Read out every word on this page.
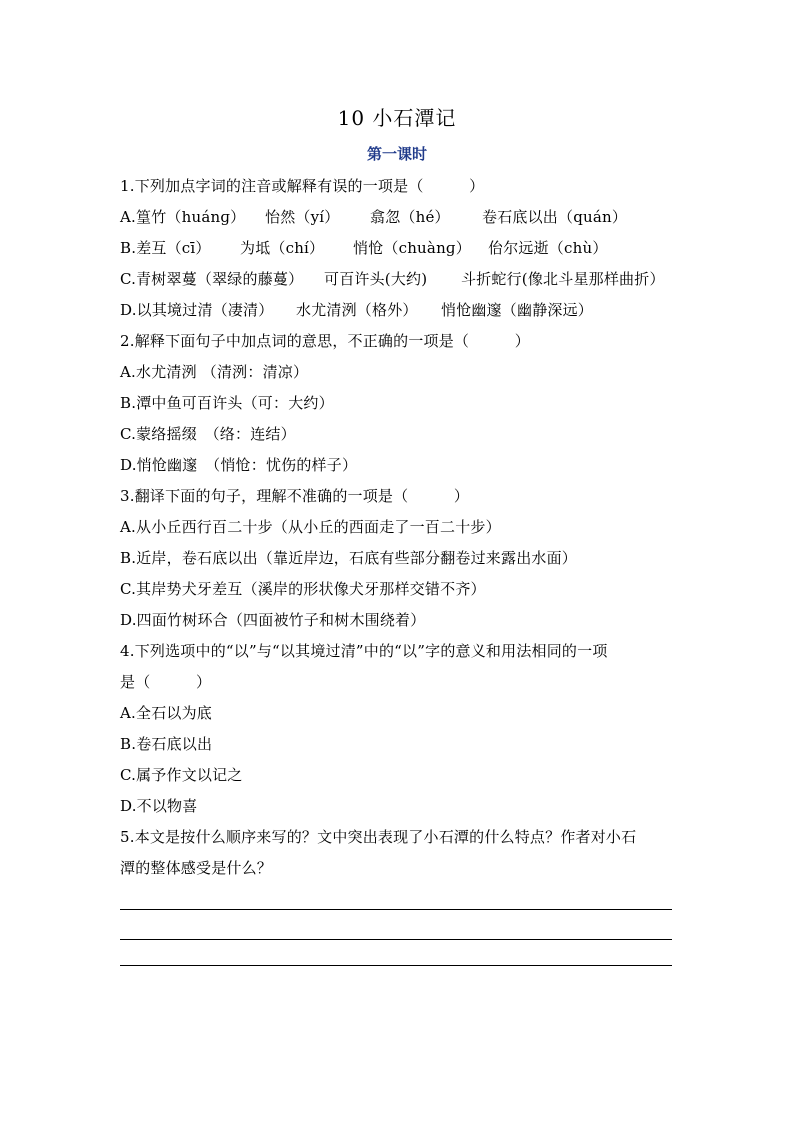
10 小石潭记
第一课时
1.下列加点字词的注音或解释有误的一项是（　　　）
A.篁竹（huánɡ）	怡然（yí）	翕忽（hé）	卷石底以出（quán）
B.差互（cī）	为坻（chí）	悄怆（chuànɡ）	佁尔远逝（chù）
C.青树翠蔓（翠绿的藤蔓）	可百许头(大约)	斗折蛇行(像北斗星那样曲折）
D.以其境过清（凄清）	水尤清洌（格外）	悄怆幽邃（幽静深远）
2.解释下面句子中加点词的意思，不正确的一项是（　　　）
A.水尤清洌 （清洌：清凉）
B.潭中鱼可百许头（可：大约）
C.蒙络摇缀　（络：连结）
D.悄怆幽邃　（悄怆：忧伤的样子）
3.翻译下面的句子，理解不准确的一项是（　　　）
A.从小丘西行百二十步（从小丘的西面走了一百二十步）
B.近岸，卷石底以出（靠近岸边，石底有些部分翻卷过来露出水面）
C.其岸势犬牙差互（溪岸的形状像犬牙那样交错不齐）
D.四面竹树环合（四面被竹子和树木围绕着）
4.下列选项中的“以”与“以其境过清”中的“以”字的意义和用法相同的一项
是（　　　）
A.全石以为底
B.卷石底以出
C.属予作文以记之
D.不以物喜
5.本文是按什么顺序来写的？文中突出表现了小石潭的什么特点？作者对小石
潭的整体感受是什么？
